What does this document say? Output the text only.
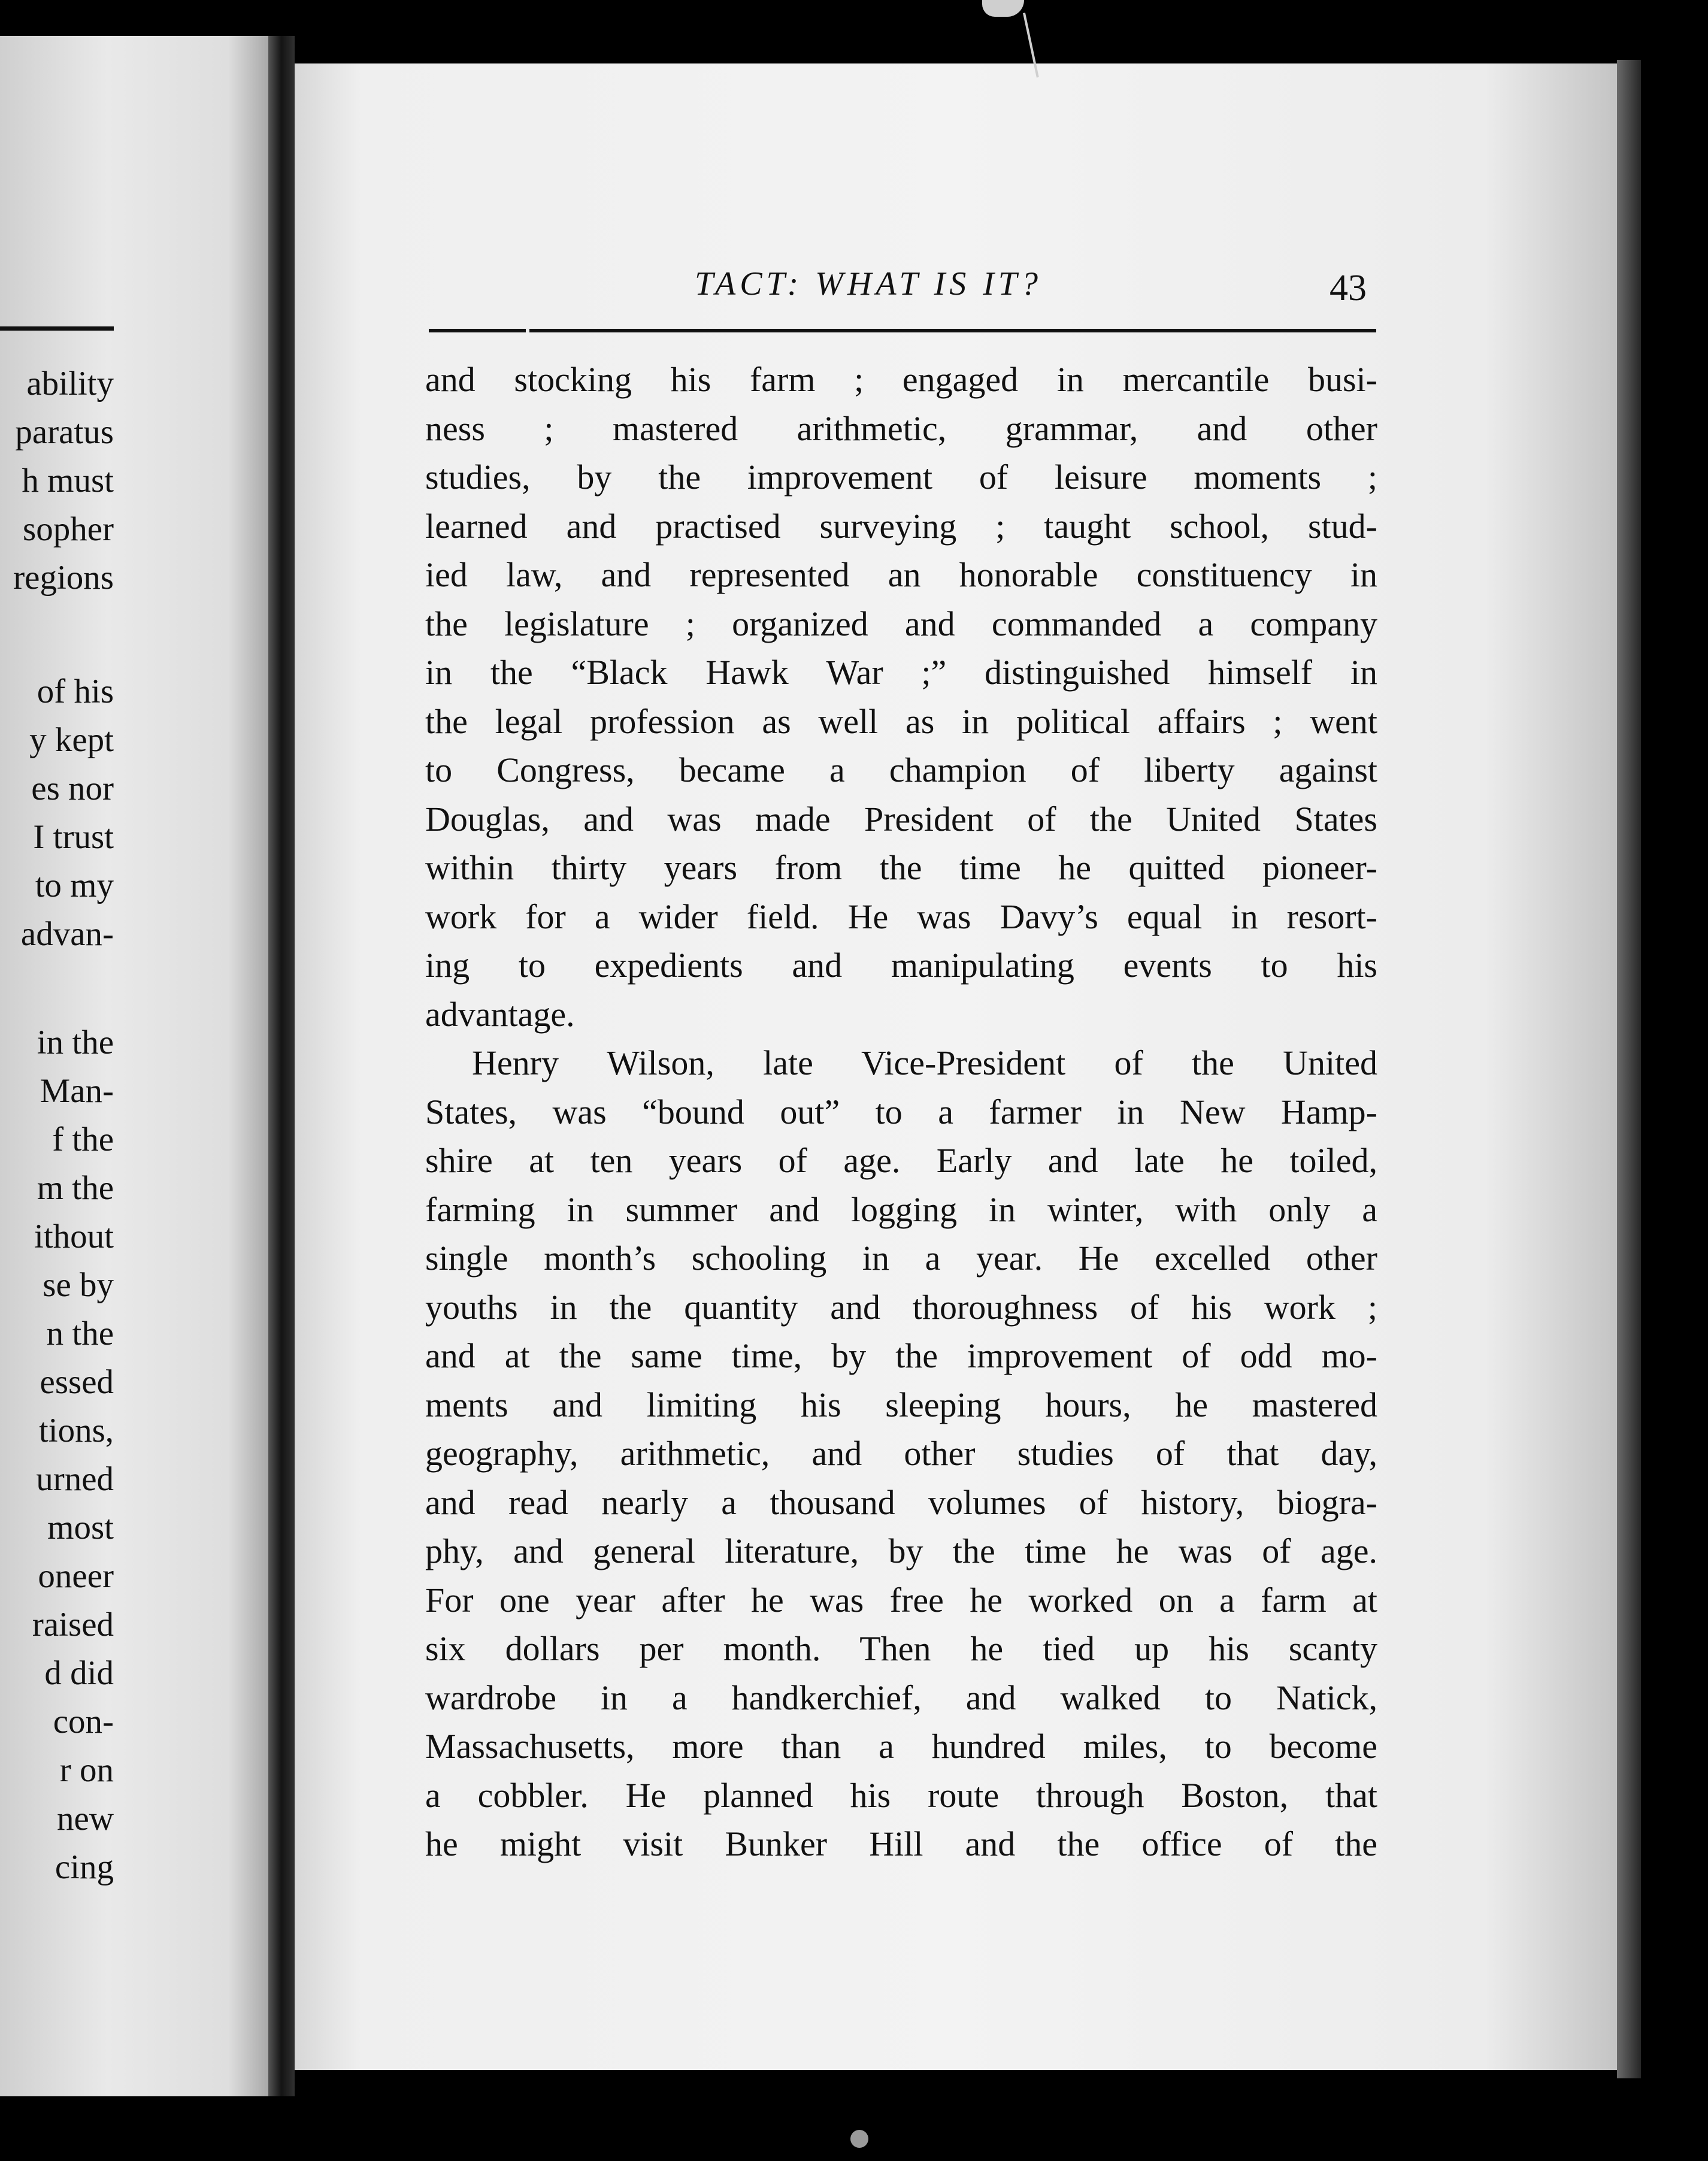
ability
paratus
h must
sopher
regions
of his
y kept
es nor
I trust
to my
advan-
in the
Man-
f the
m the
ithout
se by
n the
essed
tions,
urned
most
oneer
raised
d did
con-
r on
new
cing
TACT: WHAT IS IT?	43
and stocking his farm ; engaged in mercantile busi-
ness ; mastered arithmetic, grammar, and other
studies, by the improvement of leisure moments ;
learned and practised surveying ; taught school, stud-
ied law, and represented an honorable constituency in
the legislature ; organized and commanded a company
in the “Black Hawk War ;” distinguished himself in
the legal profession as well as in political affairs ; went
to Congress, became a champion of liberty against
Douglas, and was made President of the United States
within thirty years from the time he quitted pioneer-
work for a wider field. He was Davy’s equal in resort-
ing to expedients and manipulating events to his
advantage.
Henry Wilson, late Vice-President of the United
States, was “bound out” to a farmer in New Hamp-
shire at ten years of age. Early and late he toiled,
farming in summer and logging in winter, with only a
single month’s schooling in a year. He excelled other
youths in the quantity and thoroughness of his work ;
and at the same time, by the improvement of odd mo-
ments and limiting his sleeping hours, he mastered
geography, arithmetic, and other studies of that day,
and read nearly a thousand volumes of history, biogra-
phy, and general literature, by the time he was of age.
For one year after he was free he worked on a farm at
six dollars per month. Then he tied up his scanty
wardrobe in a handkerchief, and walked to Natick,
Massachusetts, more than a hundred miles, to become
a cobbler. He planned his route through Boston, that
he might visit Bunker Hill and the office of the
